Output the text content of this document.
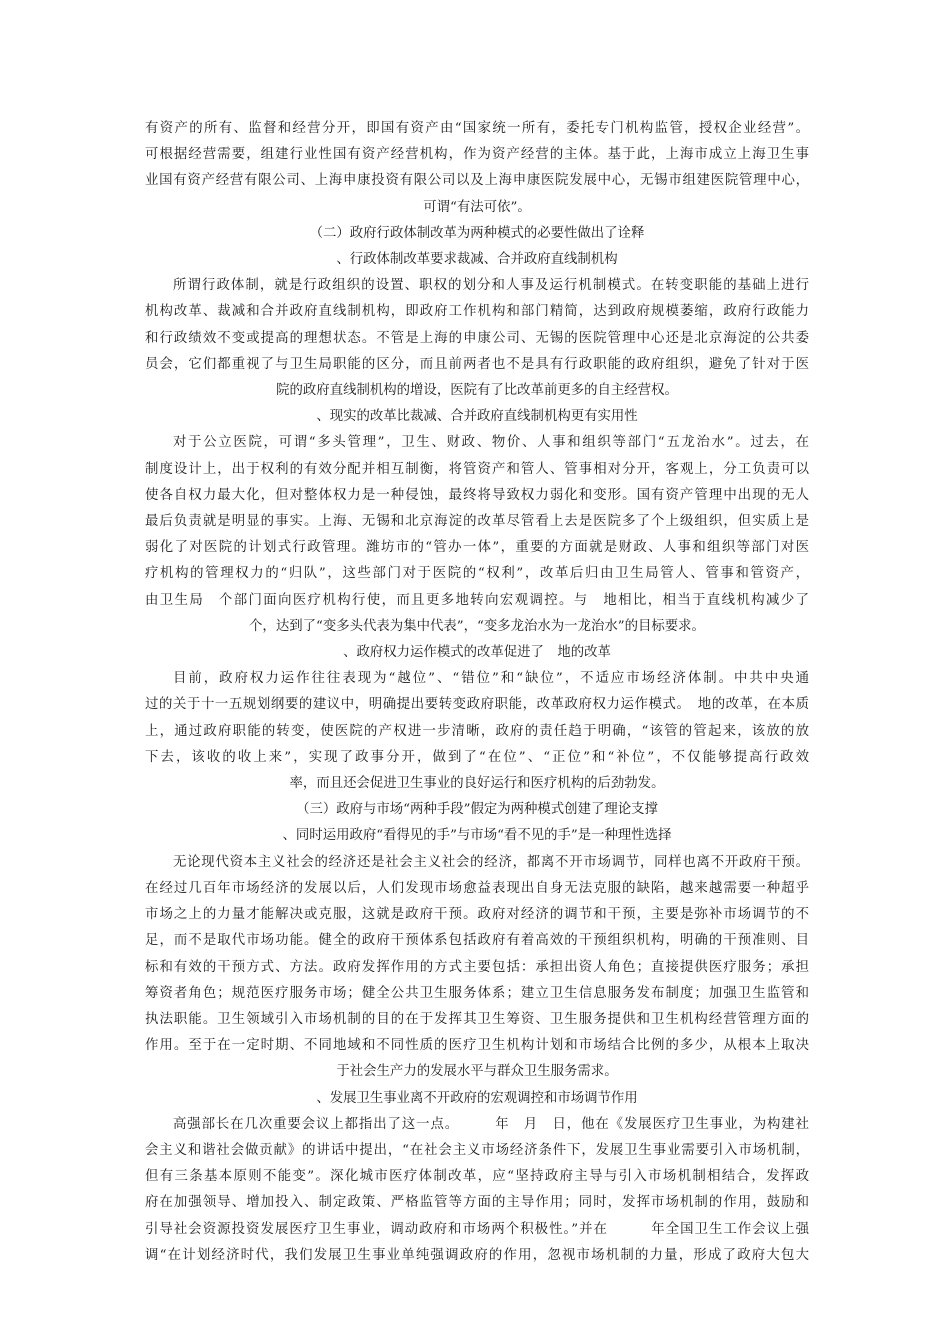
有资产的所有、监督和经营分开，即国有资产由“国家统一所有，委托专门机构监管，授权企业经营”。
可根据经营需要，组建行业性国有资产经营机构，作为资产经营的主体。基于此，上海市成立上海卫生事
业国有资产经营有限公司、上海申康投资有限公司以及上海申康医院发展中心，无锡市组建医院管理中心，
可谓“有法可依”。
（二）政府行政体制改革为两种模式的必要性做出了诠释
、行政体制改革要求裁减、合并政府直线制机构
所谓行政体制，就是行政组织的设置、职权的划分和人事及运行机制模式。在转变职能的基础上进行
机构改革、裁减和合并政府直线制机构，即政府工作机构和部门精简，达到政府规模萎缩，政府行政能力
和行政绩效不变或提高的理想状态。不管是上海的申康公司、无锡的医院管理中心还是北京海淀的公共委
员会，它们都重视了与卫生局职能的区分，而且前两者也不是具有行政职能的政府组织，避免了针对于医
院的政府直线制机构的增设，医院有了比改革前更多的自主经营权。
、现实的改革比裁减、合并政府直线制机构更有实用性
对于公立医院，可谓“多头管理”，卫生、财政、物价、人事和组织等部门“五龙治水”。过去，在
制度设计上，出于权利的有效分配并相互制衡，将管资产和管人、管事相对分开，客观上，分工负责可以
使各自权力最大化，但对整体权力是一种侵蚀，最终将导致权力弱化和变形。国有资产管理中出现的无人
最后负责就是明显的事实。上海、无锡和北京海淀的改革尽管看上去是医院多了个上级组织，但实质上是
弱化了对医院的计划式行政管理。潍坊市的“管办一体”，重要的方面就是财政、人事和组织等部门对医
疗机构的管理权力的“归队”，这些部门对于医院的“权利”，改革后归由卫生局管人、管事和管资产，
由卫生局　个部门面向医疗机构行使，而且更多地转向宏观调控。与　地相比，相当于直线机构减少了
个，达到了“变多头代表为集中代表”，“变多龙治水为一龙治水”的目标要求。
、政府权力运作模式的改革促进了　地的改革
目前，政府权力运作往往表现为“越位”、“错位”和“缺位”，不适应市场经济体制。中共中央通
过的关于十一五规划纲要的建议中，明确提出要转变政府职能，改革政府权力运作模式。　地的改革，在本质
上，通过政府职能的转变，使医院的产权进一步清晰，政府的责任趋于明确，“该管的管起来，该放的放
下去，该收的收上来”，实现了政事分开，做到了“在位”、“正位”和“补位”，不仅能够提高行政效
率，而且还会促进卫生事业的良好运行和医疗机构的后劲勃发。
（三）政府与市场“两种手段”假定为两种模式创建了理论支撑
、同时运用政府“看得见的手”与市场“看不见的手”是一种理性选择
无论现代资本主义社会的经济还是社会主义社会的经济，都离不开市场调节，同样也离不开政府干预。
在经过几百年市场经济的发展以后，人们发现市场愈益表现出自身无法克服的缺陷，越来越需要一种超乎
市场之上的力量才能解决或克服，这就是政府干预。政府对经济的调节和干预，主要是弥补市场调节的不
足，而不是取代市场功能。健全的政府干预体系包括政府有着高效的干预组织机构，明确的干预准则、目
标和有效的干预方式、方法。政府发挥作用的方式主要包括：承担出资人角色；直接提供医疗服务；承担
筹资者角色；规范医疗服务市场；健全公共卫生服务体系；建立卫生信息服务发布制度；加强卫生监管和
执法职能。卫生领域引入市场机制的目的在于发挥其卫生筹资、卫生服务提供和卫生机构经营管理方面的
作用。至于在一定时期、不同地域和不同性质的医疗卫生机构计划和市场结合比例的多少，从根本上取决
于社会生产力的发展水平与群众卫生服务需求。
、发展卫生事业离不开政府的宏观调控和市场调节作用
高强部长在几次重要会议上都指出了这一点。　　　年　月　日，他在《发展医疗卫生事业，为构建社
会主义和谐社会做贡献》的讲话中提出，“在社会主义市场经济条件下，发展卫生事业需要引入市场机制，
但有三条基本原则不能变”。深化城市医疗体制改革，应“坚持政府主导与引入市场机制相结合，发挥政
府在加强领导、增加投入、制定政策、严格监管等方面的主导作用；同时，发挥市场机制的作用，鼓励和
引导社会资源投资发展医疗卫生事业，调动政府和市场两个积极性。”并在　　　年全国卫生工作会议上强
调“在计划经济时代，我们发展卫生事业单纯强调政府的作用，忽视市场机制的力量，形成了政府大包大
